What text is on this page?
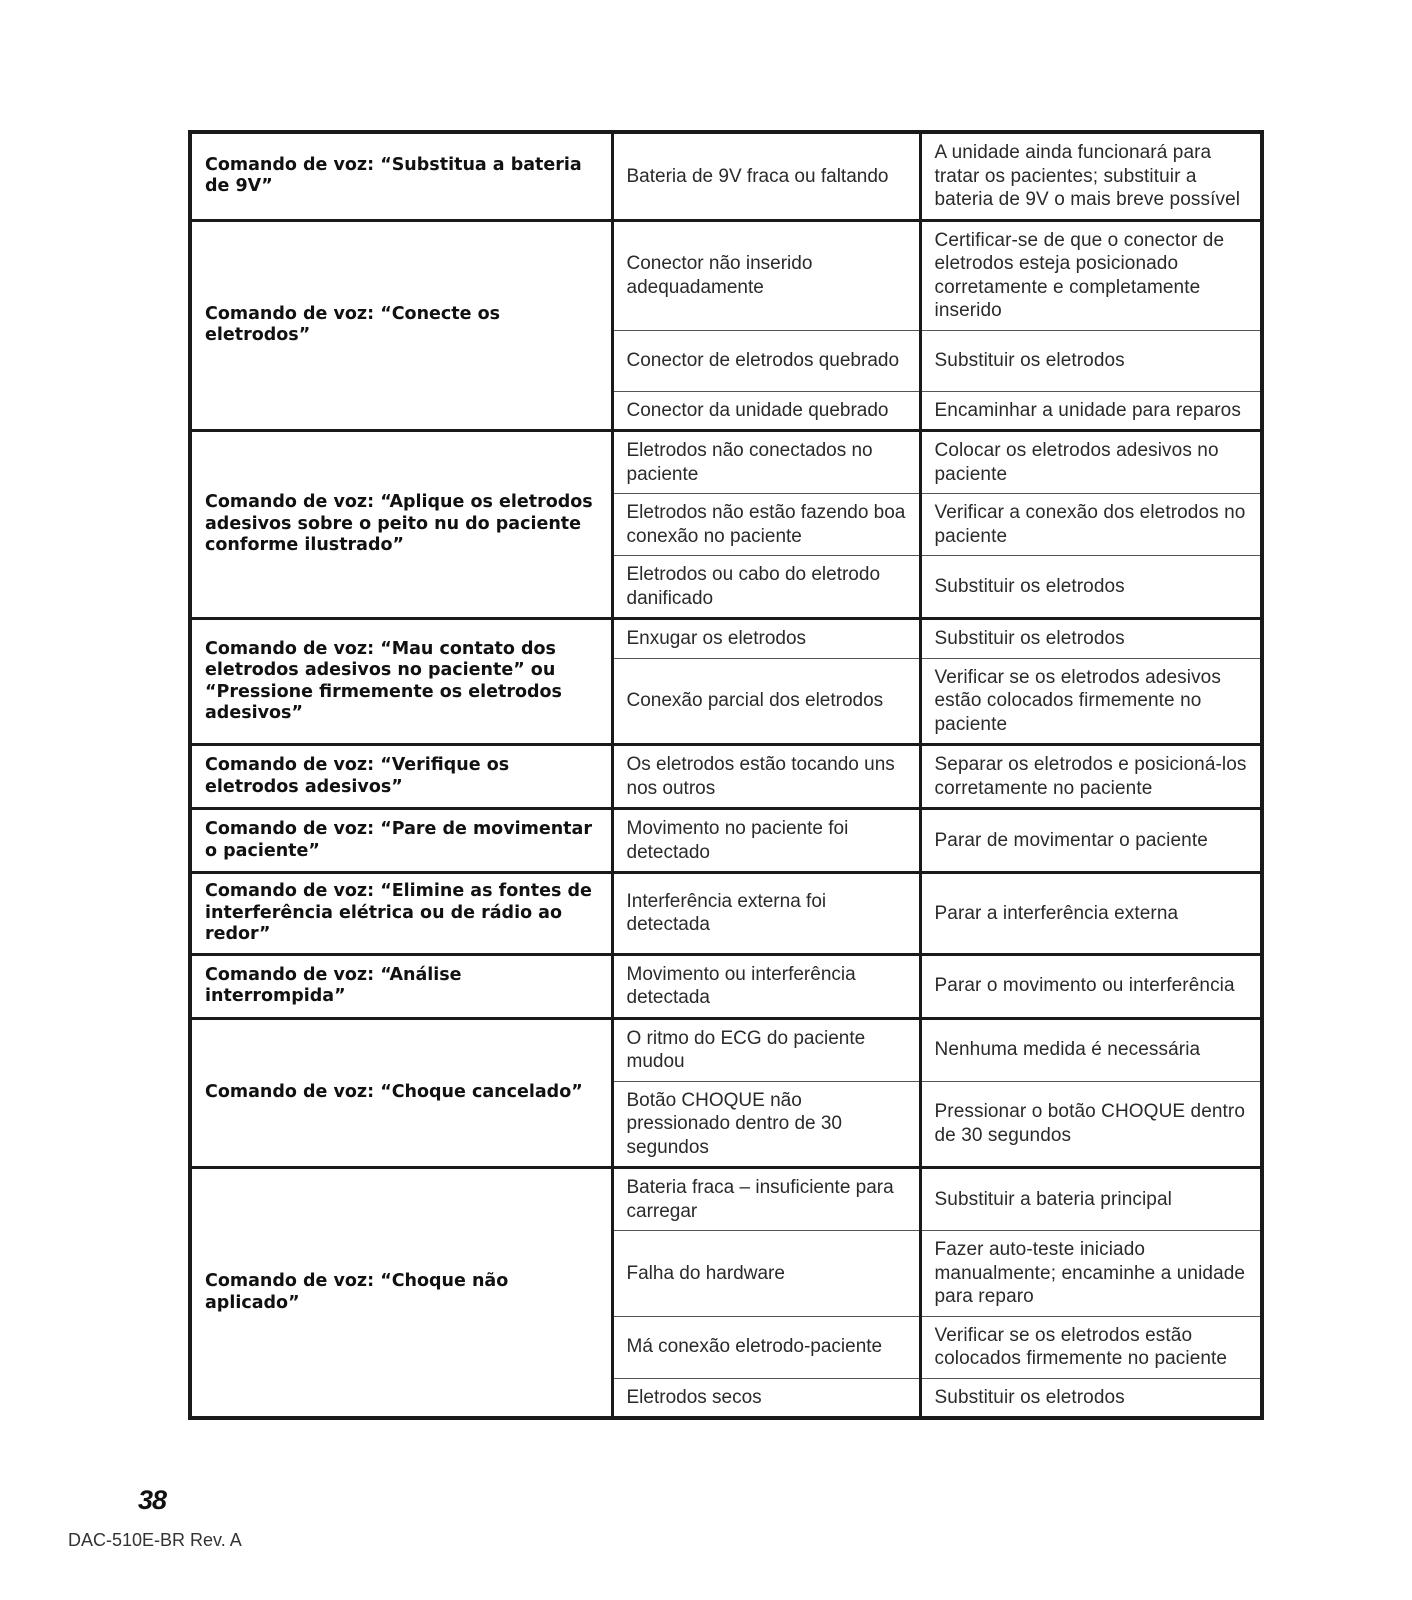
Comando de voz: “Substitua a bateria de 9V”	Bateria de 9V fraca ou faltando	A unidade ainda funcionará para tratar os pacientes; substituir a bateria de 9V o mais breve possível
Comando de voz: “Conecte os eletrodos”	Conector não inserido adequadamente	Certificar-se de que o conector de eletrodos esteja posicionado corretamente e completamente inserido
	Conector de eletrodos quebrado	Substituir os eletrodos
	Conector da unidade quebrado	Encaminhar a unidade para reparos
Comando de voz: “Aplique os eletrodos adesivos sobre o peito nu do paciente conforme ilustrado”	Eletrodos não conectados no paciente	Colocar os eletrodos adesivos no paciente
	Eletrodos não estão fazendo boa conexão no paciente	Verificar a conexão dos eletrodos no paciente
	Eletrodos ou cabo do eletrodo danificado	Substituir os eletrodos
Comando de voz: “Mau contato dos eletrodos adesivos no paciente” ou “Pressione firmemente os eletrodos adesivos”	Enxugar os eletrodos	Substituir os eletrodos
	Conexão parcial dos eletrodos	Verificar se os eletrodos adesivos estão colocados firmemente no paciente
Comando de voz: “Verifique os eletrodos adesivos”	Os eletrodos estão tocando uns nos outros	Separar os eletrodos e posicioná-los corretamente no paciente
Comando de voz: “Pare de movimentar o paciente”	Movimento no paciente foi detectado	Parar de movimentar o paciente
Comando de voz: “Elimine as fontes de interferência elétrica ou de rádio ao redor”	Interferência externa foi detectada	Parar a interferência externa
Comando de voz: “Análise interrompida”	Movimento ou interferência detectada	Parar o movimento ou interferência
Comando de voz: “Choque cancelado”	O ritmo do ECG do paciente mudou	Nenhuma medida é necessária
	Botão CHOQUE não pressionado dentro de 30 segundos	Pressionar o botão CHOQUE dentro de 30 segundos
Comando de voz: “Choque não aplicado”	Bateria fraca – insuficiente para carregar	Substituir a bateria principal
	Falha do hardware	Fazer auto-teste iniciado manualmente; encaminhe a unidade para reparo
	Má conexão eletrodo-paciente	Verificar se os eletrodos estão colocados firmemente no paciente
	Eletrodos secos	Substituir os eletrodos
38
DAC-510E-BR Rev. A
